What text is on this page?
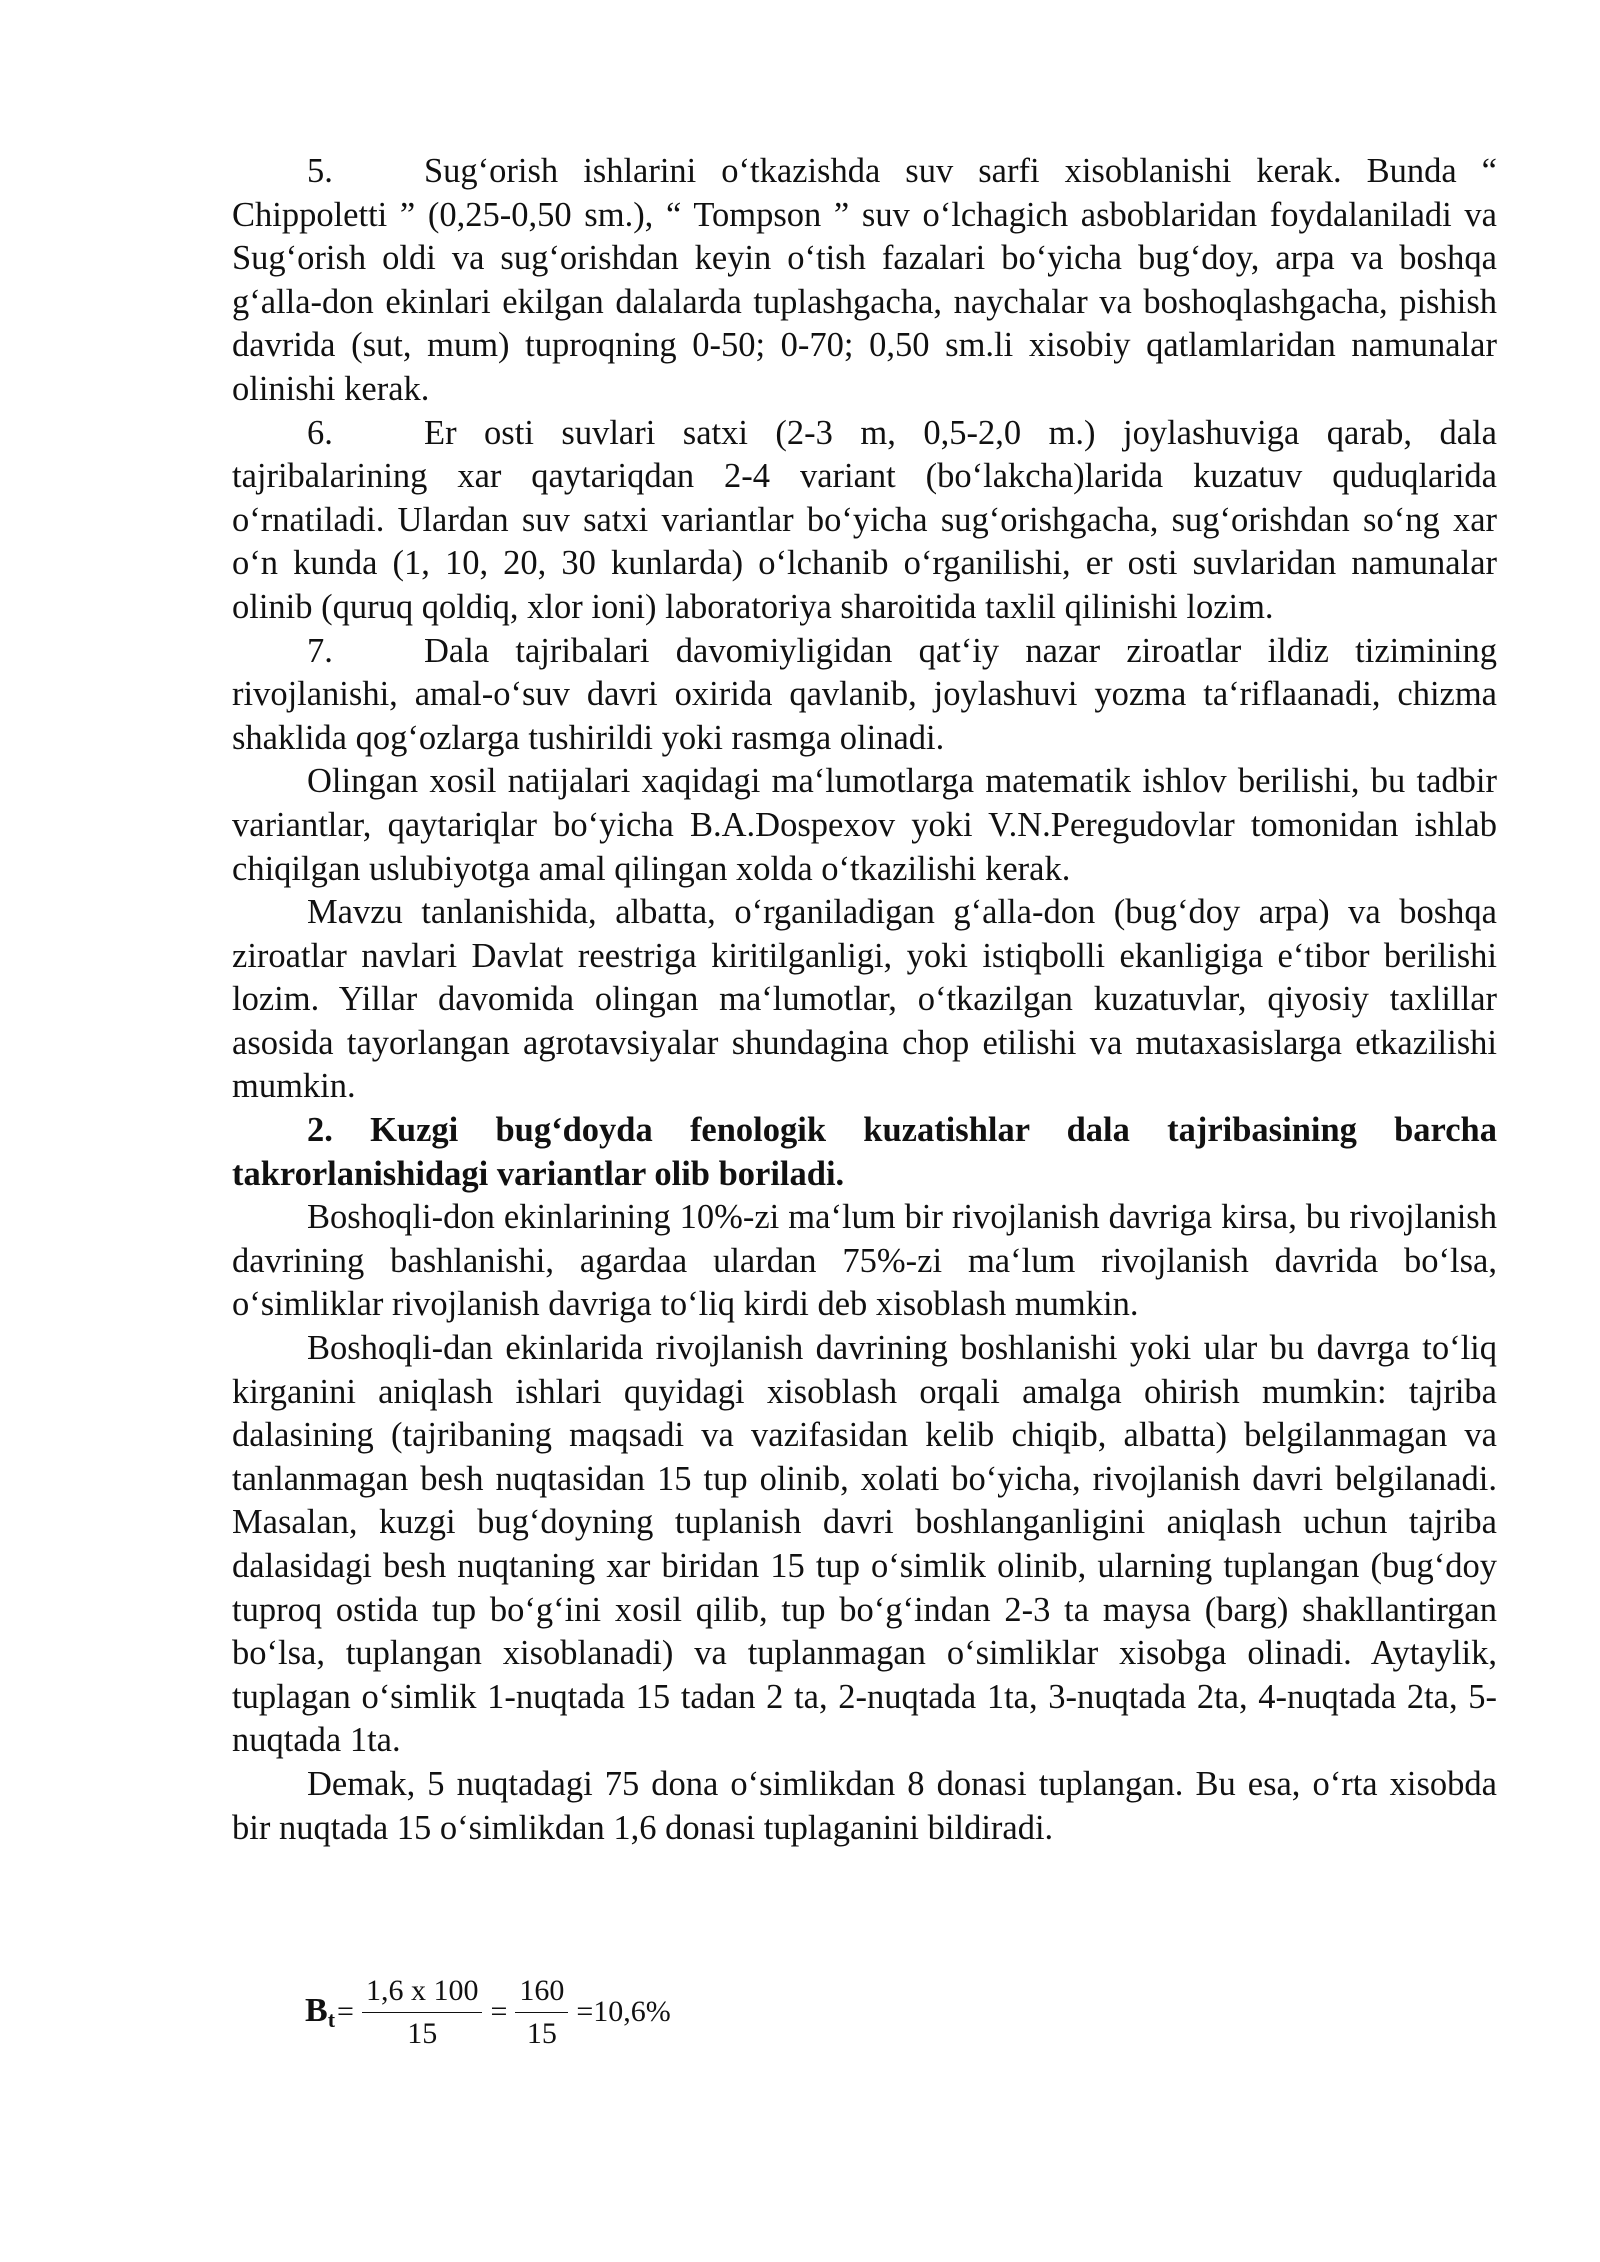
5.	Sug‘orish ishlarini o‘tkazishda suv sarfi xisoblanishi kerak. Bunda “ Chippoletti ” (0,25-0,50 sm.), “ Tompson ” suv o‘lchagich asboblaridan foydalaniladi va Sug‘orish oldi va sug‘orishdan keyin o‘tish fazalari bo‘yicha bug‘doy, arpa va boshqa g‘alla-don ekinlari ekilgan dalalarda tuplashgacha, naychalar va boshoqlashgacha, pishish davrida (sut, mum) tuproqning 0-50; 0-70; 0,50 sm.li xisobiy qatlamlaridan namunalar olinishi kerak.

6.	Er osti suvlari satxi (2-3 m, 0,5-2,0 m.) joylashuviga qarab, dala tajribalarining xar qaytariqdan 2-4 variant (bo‘lakcha)larida kuzatuv quduqlarida o‘rnatiladi. Ulardan suv satxi variantlar bo‘yicha sug‘orishgacha, sug‘orishdan so‘ng xar o‘n kunda (1, 10, 20, 30 kunlarda) o‘lchanib o‘rganilishi, er osti suvlaridan namunalar olinib (quruq qoldiq, xlor ioni) laboratoriya sharoitida taxlil qilinishi lozim.

7.	Dala tajribalari davomiyligidan qat‘iy nazar ziroatlar ildiz tizimining rivojlanishi, amal-o‘suv davri oxirida qavlanib, joylashuvi yozma ta‘riflaanadi, chizma shaklida qog‘ozlarga tushirildi yoki rasmga olinadi.

Olingan xosil natijalari xaqidagi ma‘lumotlarga matematik ishlov berilishi, bu tadbir variantlar, qaytariqlar bo‘yicha B.A.Dospexov yoki V.N.Peregudovlar tomonidan ishlab chiqilgan uslubiyotga amal qilingan xolda o‘tkazilishi kerak.

Mavzu tanlanishida, albatta, o‘rganiladigan g‘alla-don (bug‘doy arpa) va boshqa ziroatlar navlari Davlat reestriga kiritilganligi, yoki istiqbolli ekanligiga e‘tibor berilishi lozim. Yillar davomida olingan ma‘lumotlar, o‘tkazilgan kuzatuvlar, qiyosiy taxlillar asosida tayorlangan agrotavsiyalar shundagina chop etilishi va mutaxasislarga etkazilishi mumkin.

2. Kuzgi bug‘doyda fenologik kuzatishlar dala tajribasining barcha takrorlanishidagi variantlar olib boriladi.

Boshoqli-don ekinlarining 10%-zi ma‘lum bir rivojlanish davriga kirsa, bu rivojlanish davrining bashlanishi, agardaa ulardan 75%-zi ma‘lum rivojlanish davrida bo‘lsa, o‘simliklar rivojlanish davriga to‘liq kirdi deb xisoblash mumkin.

Boshoqli-dan ekinlarida rivojlanish davrining boshlanishi yoki ular bu davrga to‘liq kirganini aniqlash ishlari quyidagi xisoblash orqali amalga ohirish mumkin: tajriba dalasining (tajribaning maqsadi va vazifasidan kelib chiqib, albatta) belgilanmagan va tanlanmagan besh nuqtasidan 15 tup olinib, xolati bo‘yicha, rivojlanish davri belgilanadi. Masalan, kuzgi bug‘doyning tuplanish davri boshlanganligini aniqlash uchun tajriba dalasidagi besh nuqtaning xar biridan 15 tup o‘simlik olinib, ularning tuplangan (bug‘doy tuproq ostida tup bo‘g‘ini xosil qilib, tup bo‘g‘indan 2-3 ta maysa (barg) shakllantirgan bo‘lsa, tuplangan xisoblanadi) va tuplanmagan o‘simliklar xisobga olinadi. Aytaylik, tuplagan o‘simlik 1-nuqtada 15 tadan 2 ta, 2-nuqtada 1ta, 3-nuqtada 2ta, 4-nuqtada 2ta, 5-nuqtada 1ta.

Demak, 5 nuqtadagi 75 dona o‘simlikdan 8 donasi tuplangan. Bu esa, o‘rta xisobda bir nuqtada 15 o‘simlikdan 1,6 donasi tuplaganini bildiradi.

$B_t = \frac{1,6 x 100}{15} = \frac{160}{15} =10,6\%$
